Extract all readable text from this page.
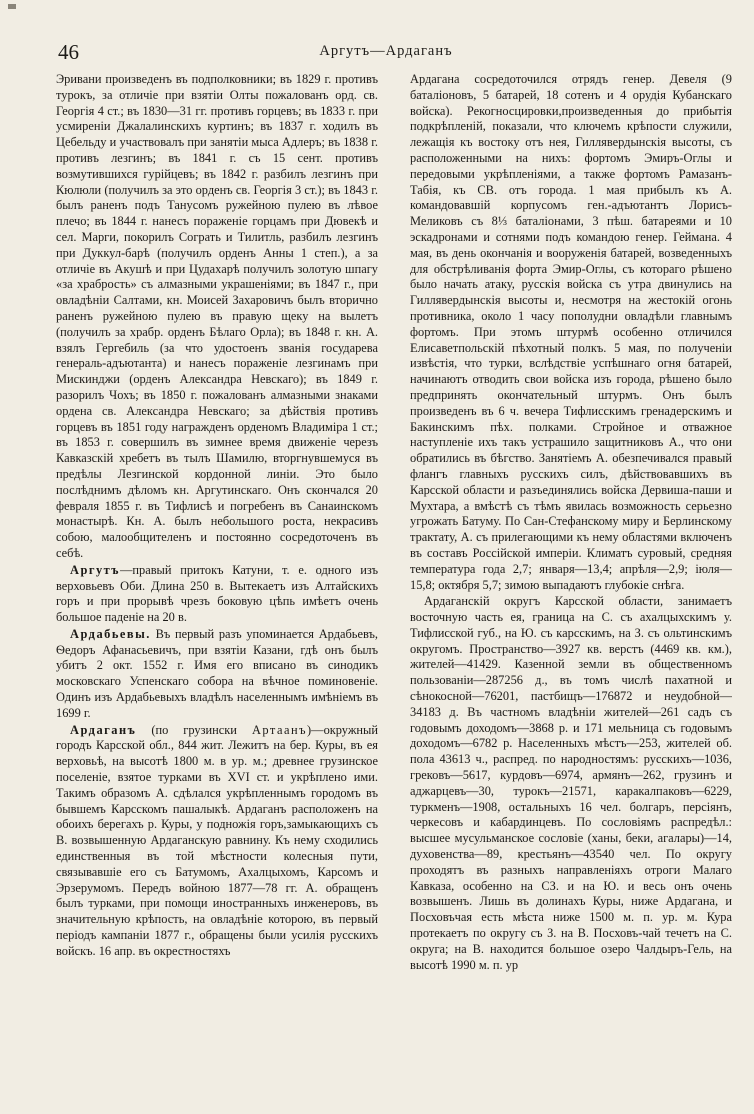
46	Аргутъ—Ардаганъ

Эривани произведенъ въ подполковники; въ 1829 г. противъ турокъ, за отличіе при взятіи Олты пожалованъ орд. св. Георгія 4 ст.; въ 1830—31 гг. противъ горцевъ; въ 1833 г. при усмиреніи Джалалинскихъ куртинъ; въ 1837 г. ходилъ въ Цебельду и участвовалъ при занятіи мыса Адлеръ; въ 1838 г. противъ лезгинъ; въ 1841 г. съ 15 сент. противъ возмутившихся гурійцевъ; въ 1842 г. разбилъ лезгинъ при Кюлюли (получилъ за это орденъ св. Георгія 3 ст.); въ 1843 г. былъ раненъ подъ Танусомъ ружейною пулею въ лѣвое плечо; въ 1844 г. нанесъ пораженіе горцамъ при Дювекѣ и сел. Марги, покорилъ Сограть и Тилитль, разбилъ лезгинъ при Дуккул-барѣ (получилъ орденъ Анны 1 степ.), а за отличіе въ Акушѣ и при Цудахарѣ получилъ золотую шпагу «за храбрость» съ алмазными украшеніями; въ 1847 г., при овладѣніи Салтами, кн. Моисей Захаровичъ былъ вторично раненъ ружейною пулею въ правую щеку на вылетъ (получилъ за храбр. орденъ Бѣлаго Орла); въ 1848 г. кн. А. взялъ Гергебиль (за что удостоенъ званія государева генераль-адъютанта) и нанесъ пораженіе лезгинамъ при Мискинджи (орденъ Александра Невскаго); въ 1849 г. разорилъ Чохъ; въ 1850 г. пожалованъ алмазными знаками ордена св. Александра Невскаго; за дѣйствія противъ горцевъ въ 1851 году награжденъ орденомъ Владиміра 1 ст.; въ 1853 г. совершилъ въ зимнее время движеніе черезъ Кавказскій хребетъ въ тылъ Шамилю, вторгнувшемуся въ предѣлы Лезгинской кордонной линіи. Это было послѣднимъ дѣломъ кн. Аргутинскаго. Онъ скончался 20 февраля 1855 г. въ Тифлисѣ и погребенъ въ Санаинскомъ монастырѣ. Кн. А. былъ небольшого роста, некрасивъ собою, малообщителенъ и постоянно сосредоточенъ въ себѣ.

Аргутъ—правый притокъ Катуни, т. е. одного изъ верховьевъ Оби. Длина 250 в. Вытекаетъ изъ Алтайскихъ горъ и при прорывѣ чрезъ боковую цѣпь имѣетъ очень большое паденіе на 20 в.

Ардабьевы. Въ первый разъ упоминается Ардабьевъ, Ѳедоръ Афанасьевичъ, при взятіи Казани, гдѣ онъ былъ убитъ 2 окт. 1552 г. Имя его вписано въ синодикъ московскаго Успенскаго собора на вѣчное поминовеніе. Одинъ изъ Ардабьевыхъ владѣлъ населеннымъ имѣніемъ въ 1699 г.

Ардаганъ (по грузински Артаанъ)—окружный городъ Карсской обл., 844 жит. Лежитъ на бер. Куры, въ ея верховьѣ, на высотѣ 1800 м. в ур. м.; древнее грузинское поселеніе, взятое турками въ XVI ст. и укрѣплено ими. Такимъ образомъ А. сдѣлался укрѣпленнымъ городомъ въ бывшемъ Карсскомъ пашалыкѣ. Ардаганъ расположенъ на обоихъ берегахъ р. Куры, у подножія горъ,замыкающихъ съ В. возвышенную Ардаганскую равнину. Къ нему сходились единственныя въ той мѣстности колесныя пути, связывавшіе его съ Батумомъ, Ахалцыхомъ, Карсомъ и Эрзерумомъ. Передъ войною 1877—78 гг. А. обращенъ былъ турками, при помощи иностранныхъ инженеровъ, въ значительную крѣпость, на овладѣніе которою, въ первый періодъ кампаніи 1877 г., обращены были усилія русскихъ войскъ. 16 апр. въ окрестностяхъ

Ардагана сосредоточился отрядъ генер. Девеля (9 баталіоновъ, 5 батарей, 18 сотенъ и 4 орудія Кубанскаго войска). Рекогносцировки,произведенныя до прибытія подкрѣпленій, показали, что ключемъ крѣпости служили, лежащія къ востоку отъ нея, Гиллявердынскія высоты, съ расположенными на нихъ: фортомъ Эмиръ-Оглы и передовыми укрѣпленіями, а также фортомъ Рамазанъ-Табія, къ СВ. отъ города. 1 мая прибылъ къ А. командовавшій корпусомъ ген.-адъютантъ Лорисъ-Меликовъ съ 8⅓ баталіонами, 3 пѣш. батареями и 10 эскадронами и сотнями подъ командою генер. Геймана. 4 мая, въ день окончанія и вооруженія батарей, возведенныхъ для обстрѣливанія форта Эмир-Оглы, съ котораго рѣшено было начать атаку, русскія войска съ утра двинулись на Гиллявердынскія высоты и, несмотря на жестокій огонь противника, около 1 часу пополудни овладѣли главнымъ фортомъ. При этомъ штурмѣ особенно отличился Елисаветпольскій пѣхотный полкъ. 5 мая, по полученіи извѣстія, что турки, вслѣдствіе успѣшнаго огня батарей, начинаютъ отводить свои войска изъ города, рѣшено было предпринять окончательный штурмъ. Онъ былъ произведенъ въ 6 ч. вечера Тифлисскимъ гренадерскимъ и Бакинскимъ пѣх. полками. Стройное и отважное наступленіе ихъ такъ устрашило защитниковъ А., что они обратились въ бѣгство. Занятіемъ А. обезпечивался правый флангъ главныхъ русскихъ силъ, дѣйствовавшихъ въ Карсской области и разъединялись войска Дервиша-паши и Мухтара, а вмѣстѣ съ тѣмъ явилась возможность серьезно угрожать Батуму. По Сан-Стефанскому миру и Берлинскому трактату, А. съ прилегающими къ нему областями включенъ въ составъ Россійской имперіи. Климатъ суровый, средняя температура года 2,7; января—13,4; апрѣля—2,9; іюля—15,8; октября 5,7; зимою выпадаютъ глубокіе снѣга.

Ардаганскій округъ Карсской области, занимаетъ восточную часть ея, граница на С. съ ахалцыхскимъ у. Тифлисской губ., на Ю. съ карсскимъ, на З. съ ольтинскимъ округомъ. Пространство—3927 кв. верстъ (4469 кв. км.), жителей—41429. Казенной земли въ общественномъ пользованіи—287256 д., въ томъ числѣ пахатной и сѣнокосной—76201, пастбищъ—176872 и неудобной—34183 д. Въ частномъ владѣніи жителей—261 садъ съ годовымъ доходомъ—3868 р. и 171 мельница съ годовымъ доходомъ—6782 р. Населенныхъ мѣстъ—253, жителей об. пола 43613 ч., распред. по народностямъ: русскихъ—1036, грековъ—5617, курдовъ—6974, армянъ—262, грузинъ и аджарцевъ—30, турокъ—21571, каракалпаковъ—6229, туркменъ—1908, остальныхъ 16 чел. болгаръ, персіянъ, черкесовъ и кабардинцевъ. По сословіямъ распредѣл.: высшее мусульманское сословіе (ханы, беки, агалары)—14, духовенства—89, крестьянъ—43540 чел. По округу проходятъ въ разныхъ направленіяхъ отроги Малаго Кавказа, особенно на СЗ. и на Ю. и весь онъ очень возвышенъ. Лишь въ долинахъ Куры, ниже Ардагана, и Посховъчая есть мѣста ниже 1500 м. п. ур. м. Кура протекаетъ по округу съ З. на В. Посховъ-чай течетъ на С. округа; на В. находится большое озеро Чалдыръ-Гель, на высотѣ 1990 м. п. ур
